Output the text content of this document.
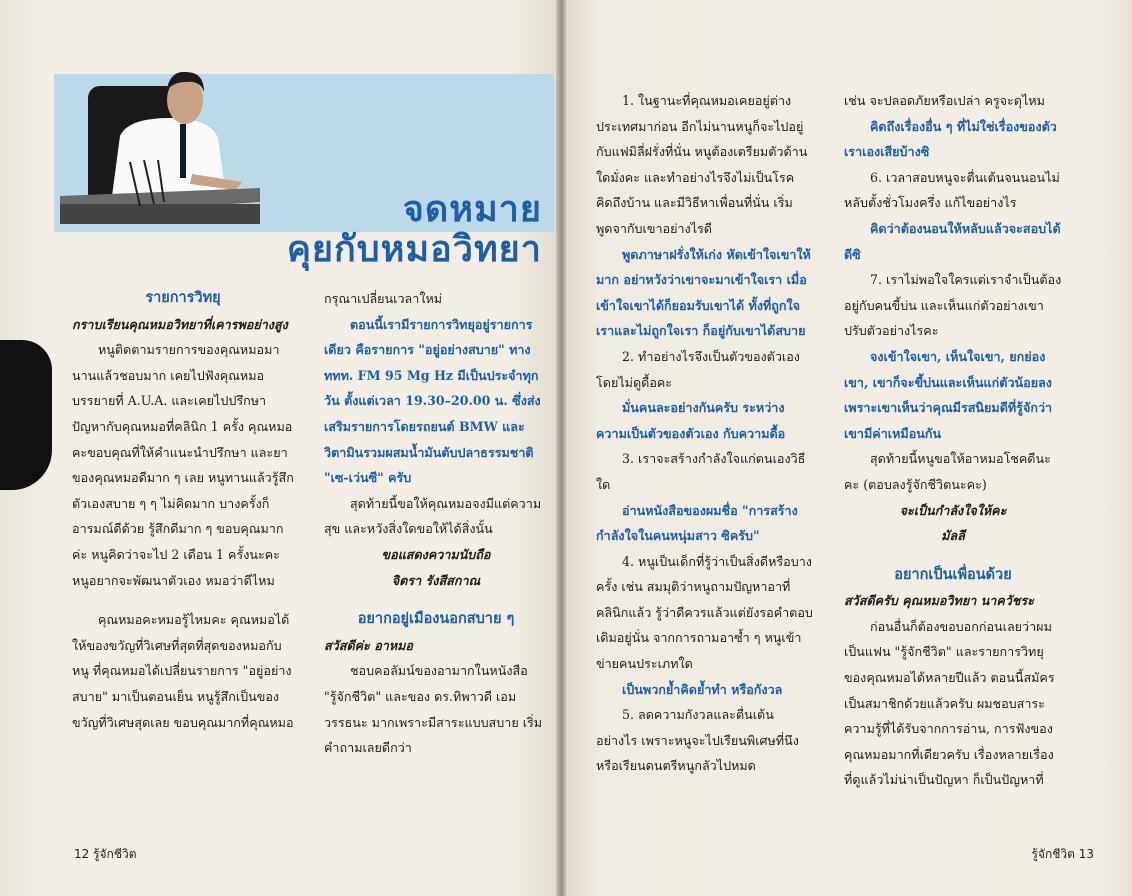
จดหมาย
คุยกับหมอวิทยา

รายการวิทยุ

กราบเรียนคุณหมอวิทยาที่เคารพอย่างสูง

หนูติดตามรายการของคุณหมอมานานแล้วชอบมาก เคยไปฟังคุณหมอบรรยายที่ A.U.A. และเคยไปปรึกษาปัญหากับคุณหมอที่คลินิก 1 ครั้ง คุณหมอคะขอบคุณที่ให้คำแนะนำปรึกษา และยาของคุณหมอดีมาก ๆ เลย หนูทานแล้วรู้สึกตัวเองสบาย ๆ ๆ ไม่คิดมาก บางครั้งก็อารมณ์ดีด้วย รู้สึกดีมาก ๆ ขอบคุณมากค่ะ หนูคิดว่าจะไป 2 เดือน 1 ครั้งนะคะ หนูอยากจะพัฒนาตัวเอง หมอว่าดีไหม

คุณหมอคะหมอรู้ไหมคะ คุณหมอได้ให้ของขวัญที่วิเศษที่สุดที่สุดของหมอกับหนู ที่คุณหมอได้เปลี่ยนรายการ "อยู่อย่างสบาย" มาเป็นตอนเย็น หนูรู้สึกเป็นของขวัญที่วิเศษสุดเลย ขอบคุณมากที่คุณหมอ

กรุณาเปลี่ยนเวลาใหม่

ตอนนี้เรามีรายการวิทยุอยู่รายการเดียว คือรายการ "อยู่อย่างสบาย" ทาง ททท. FM 95 Mg Hz มีเป็นประจำทุกวัน ตั้งแต่เวลา 19.30–20.00 น. ซึ่งส่งเสริมรายการโดยรถยนต์ BMW และวิตามินรวมผสมน้ำมันตับปลาธรรมชาติ "เซ-เว่นซี" ครับ

สุดท้ายนี้ขอให้คุณหมอจงมีแต่ความสุข และหวังสิ่งใดขอให้ได้สิ่งนั้น

ขอแสดงความนับถือ

จิตรา รังสีสกาณ

อยากอยู่เมืองนอกสบาย ๆ

สวัสดีค่ะ อาหมอ

ชอบคอลัมน์ของอามากในหนังสือ "รู้จักชีวิต" และของ ดร.ทิพาวดี เอมวรรธนะ มากเพราะมีสาระแบบสบาย เริ่มคำถามเลยดีกว่า

12 รู้จักชีวิต

1. ในฐานะที่คุณหมอเคยอยู่ต่างประเทศมาก่อน อีกไม่นานหนูก็จะไปอยู่กับแฟมิลี่ฝรั่งที่นั่น หนูต้องเตรียมตัวด้านใดมั่งคะ และทำอย่างไรจึงไม่เป็นโรคคิดถึงบ้าน และมีวิธีหาเพื่อนที่นั่น เริ่มพูดจากับเขาอย่างไรดี

พูดภาษาฝรั่งให้เก่ง หัดเข้าใจเขาให้มาก อย่าหวังว่าเขาจะมาเข้าใจเรา เมื่อเข้าใจเขาได้ก็ยอมรับเขาได้ ทั้งที่ถูกใจเราและไม่ถูกใจเรา ก็อยู่กับเขาได้สบาย

2. ทำอย่างไรจึงเป็นตัวของตัวเอง โดยไม่ดูดื้อคะ

มั่นคนละอย่างกันครับ ระหว่างความเป็นตัวของตัวเอง กับความดื้อ

3. เราจะสร้างกำลังใจแก่ตนเองวิธีใด

อ่านหนังสือของผมชื่อ "การสร้างกำลังใจในคนหนุ่มสาว ซิครับ"

4. หนูเป็นเด็กที่รู้ว่าเป็นสิ่งดีหรือบางครั้ง เช่น สมมุติว่าหนูถามปัญหาอาที่คลินิกแล้ว รู้ว่าดีควรแล้วแต่ยังรอคำตอบเดิมอยู่นั่น จากการถามอาซ้ำ ๆ หนูเข้าข่ายคนประเภทใด

เป็นพวกย้ำคิดย้ำทำ หรือกังวล

5. ลดความกังวลและตื่นเต้นอย่างไร เพราะหนูจะไปเรียนพิเศษที่นึง หรือเรียนดนตรีหนูกลัวไปหมด

เช่น จะปลอดภัยหรือเปล่า ครูจะดุไหม

คิดถึงเรื่องอื่น ๆ ที่ไม่ใช่เรื่องของตัวเราเองเสียบ้างซิ

6. เวลาสอบหนูจะตื่นเต้นจนนอนไม่หลับตั้งชั่วโมงครึ่ง แก้ไขอย่างไร

คิดว่าต้องนอนให้หลับแล้วจะสอบได้ดีซิ

7. เราไม่พอใจใครแต่เราจำเป็นต้องอยู่กับคนขี้บ่น และเห็นแก่ตัวอย่างเขาปรับตัวอย่างไรคะ

จงเข้าใจเขา, เห็นใจเขา, ยกย่องเขา, เขาก็จะขี้บ่นและเห็นแก่ตัวน้อยลง เพราะเขาเห็นว่าคุณมีรสนิยมดีที่รู้จักว่าเขามีค่าเหมือนกัน

สุดท้ายนี้หนูขอให้อาหมอโชคดีนะคะ (ตอบลงรู้จักชีวิตนะคะ)

จะเป็นกำลังใจให้คะ

มัลลี

อยากเป็นเพื่อนด้วย

สวัสดีครับ คุณหมอวิทยา นาควัชระ

ก่อนอื่นก็ต้องขอบอกก่อนเลยว่าผมเป็นแฟน "รู้จักชีวิต" และรายการวิทยุของคุณหมอได้หลายปีแล้ว ตอนนี้สมัครเป็นสมาชิกด้วยแล้วครับ ผมชอบสาระความรู้ที่ได้รับจากการอ่าน, การฟังของคุณหมอมากที่เดียวครับ เรื่องหลายเรื่องที่ดูแล้วไม่น่าเป็นปัญหา ก็เป็นปัญหาที่

รู้จักชีวิต 13
